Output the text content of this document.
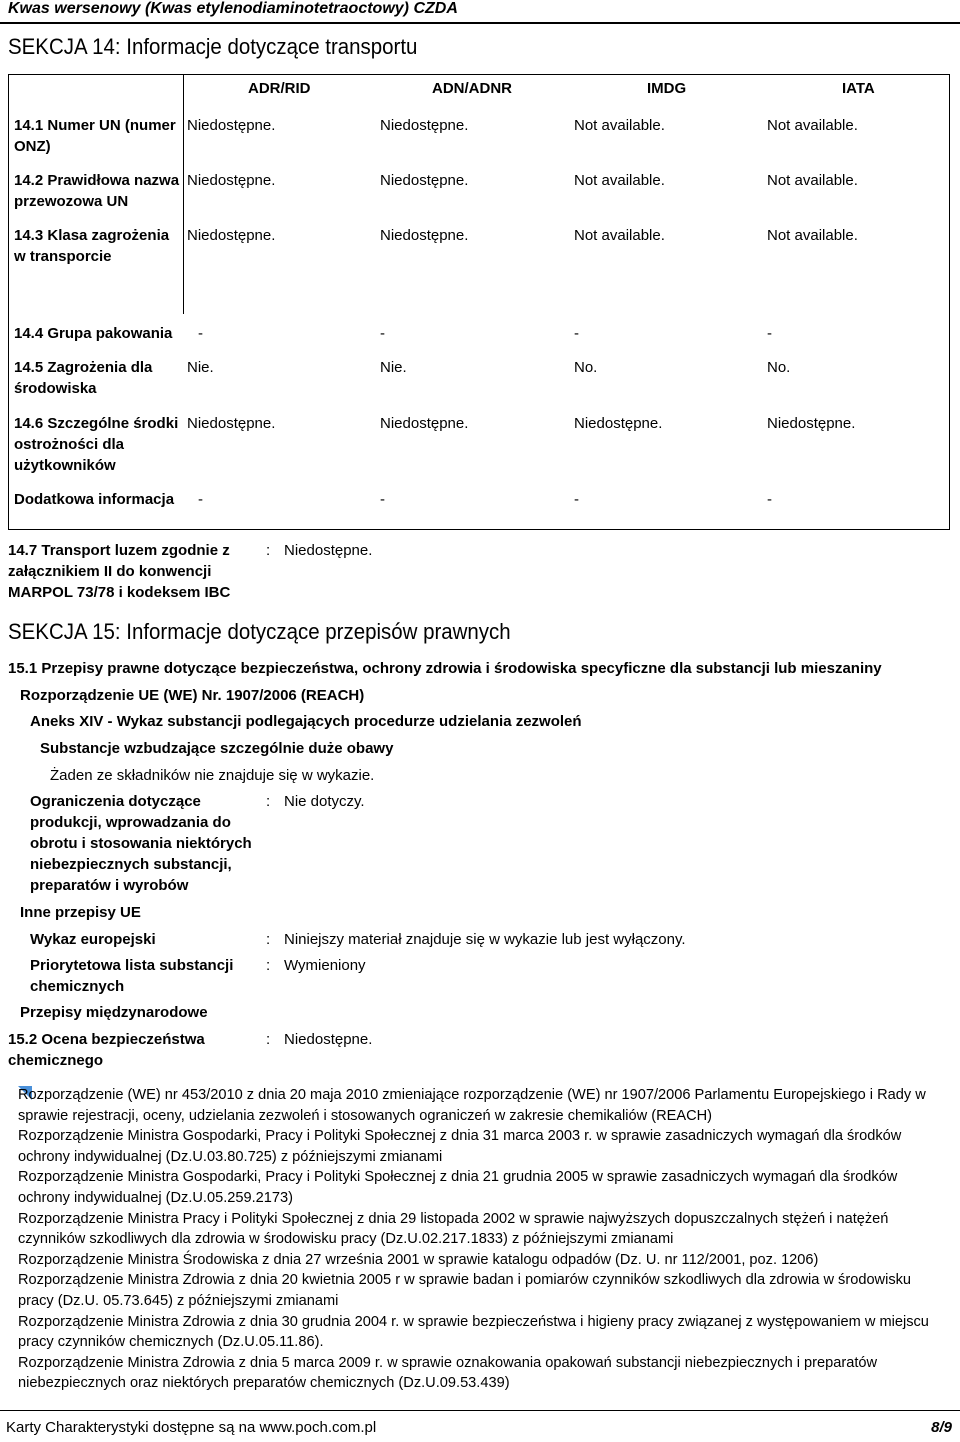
Kwas wersenowy (Kwas etylenodiaminotetraoctowy) CZDA
SEKCJA 14: Informacje dotyczące transportu
ADR/RID	ADN/ADNR	IMDG	IATA
14.1 Numer UN (numer
ONZ)
Niedostępne.	Niedostępne.	Not available.	Not available.
14.2 Prawidłowa nazwa
przewozowa UN
Niedostępne.	Niedostępne.	Not available.	Not available.
14.3 Klasa zagrożenia
w transporcie
Niedostępne.	Niedostępne.	Not available.	Not available.
14.4 Grupa pakowania -	-	-	-
14.5 Zagrożenia dla
środowiska
Nie.	Nie.	No.	No.
14.6 Szczególne środki
ostrożności dla
użytkowników
Niedostępne.	Niedostępne.	Niedostępne.	Niedostępne.
Dodatkowa informacja -	-	-	-
14.7 Transport luzem zgodnie z
załącznikiem II do konwencji
MARPOL 73/78 i kodeksem IBC
: Niedostępne.
SEKCJA 15: Informacje dotyczące przepisów prawnych
15.1 Przepisy prawne dotyczące bezpieczeństwa, ochrony zdrowia i środowiska specyficzne dla substancji lub mieszaniny
Rozporządzenie UE (WE) Nr. 1907/2006 (REACH)
Aneks XIV - Wykaz substancji podlegających procedurze udzielania zezwoleń
Substancje wzbudzające szczególnie duże obawy
Żaden ze składników nie znajduje się w wykazie.
Ograniczenia dotyczące
produkcji, wprowadzania do
obrotu i stosowania niektórych
niebezpiecznych substancji,
preparatów i wyrobów
: Nie dotyczy.
Inne przepisy UE
Wykaz europejski	: Niniejszy materiał znajduje się w wykazie lub jest wyłączony.
Priorytetowa lista substancji
chemicznych
: Wymieniony
Przepisy międzynarodowe
15.2 Ocena bezpieczeństwa
chemicznego
: Niedostępne.
Rozporządzenie (WE) nr 453/2010 z dnia 20 maja 2010 zmieniające rozporządzenie (WE) nr 1907/2006 Parlamentu Europejskiego i Rady w sprawie rejestracji, oceny, udzielania zezwoleń i stosowanych ograniczeń w zakresie chemikaliów (REACH)
Rozporządzenie Ministra Gospodarki, Pracy i Polityki Społecznej z dnia 31 marca 2003 r. w sprawie zasadniczych wymagań dla środków ochrony indywidualnej (Dz.U.03.80.725) z późniejszymi zmianami
Rozporządzenie Ministra Gospodarki, Pracy i Polityki Społecznej z dnia 21 grudnia 2005 w sprawie zasadniczych wymagań dla środków ochrony indywidualnej (Dz.U.05.259.2173)
Rozporządzenie Ministra Pracy i Polityki Społecznej z dnia 29 listopada 2002 w sprawie najwyższych dopuszczalnych stężeń i natężeń czynników szkodliwych dla zdrowia w środowisku pracy (Dz.U.02.217.1833) z późniejszymi zmianami
Rozporządzenie Ministra Środowiska z dnia 27 września 2001 w sprawie katalogu odpadów (Dz. U. nr 112/2001, poz. 1206)
Rozporządzenie Ministra Zdrowia z dnia 20 kwietnia 2005 r w sprawie badan i pomiarów czynników szkodliwych dla zdrowia w środowisku pracy (Dz.U. 05.73.645) z późniejszymi zmianami
Rozporządzenie Ministra Zdrowia z dnia 30 grudnia 2004 r. w sprawie bezpieczeństwa i higieny pracy związanej z występowaniem w miejscu pracy czynników chemicznych (Dz.U.05.11.86).
Rozporządzenie Ministra Zdrowia z dnia 5 marca 2009 r. w sprawie oznakowania opakowań substancji niebezpiecznych i preparatów niebezpiecznych oraz niektórych preparatów chemicznych (Dz.U.09.53.439)
Karty Charakterystyki dostępne są na www.poch.com.pl	8/9
